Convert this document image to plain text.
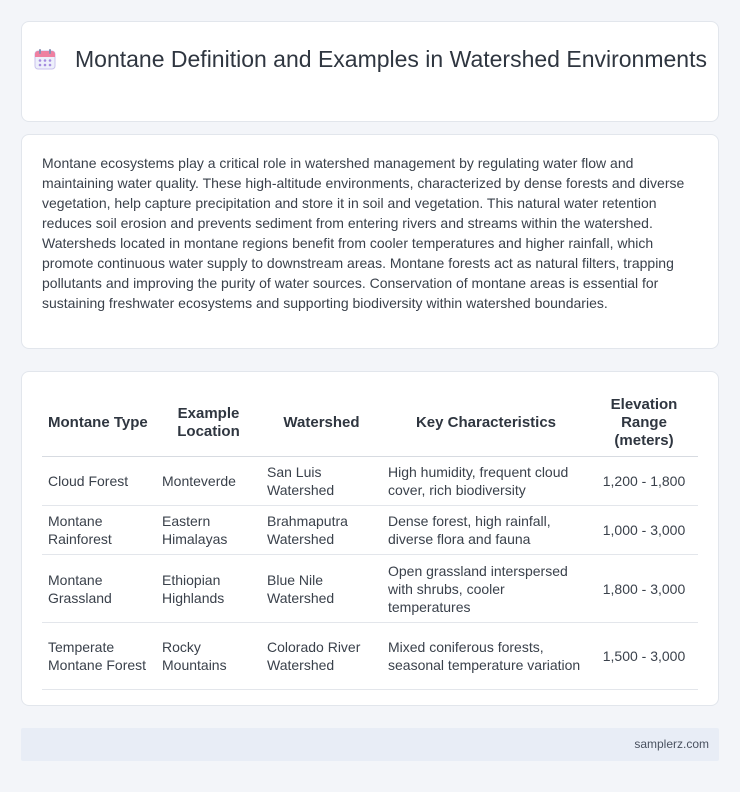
Montane Definition and Examples in Watershed Environments

Montane ecosystems play a critical role in watershed management by regulating water flow and maintaining water quality. These high-altitude environments, characterized by dense forests and diverse vegetation, help capture precipitation and store it in soil and vegetation. This natural water retention reduces soil erosion and prevents sediment from entering rivers and streams within the watershed. Watersheds located in montane regions benefit from cooler temperatures and higher rainfall, which promote continuous water supply to downstream areas. Montane forests act as natural filters, trapping pollutants and improving the purity of water sources. Conservation of montane areas is essential for sustaining freshwater ecosystems and supporting biodiversity within watershed boundaries.

Montane Type	Example Location	Watershed	Key Characteristics	Elevation Range (meters)
Cloud Forest	Monteverde	San Luis Watershed	High humidity, frequent cloud cover, rich biodiversity	1,200 - 1,800
Montane Rainforest	Eastern Himalayas	Brahmaputra Watershed	Dense forest, high rainfall, diverse flora and fauna	1,000 - 3,000
Montane Grassland	Ethiopian Highlands	Blue Nile Watershed	Open grassland interspersed with shrubs, cooler temperatures	1,800 - 3,000
Temperate Montane Forest	Rocky Mountains	Colorado River Watershed	Mixed coniferous forests, seasonal temperature variation	1,500 - 3,000
samplerz.com
